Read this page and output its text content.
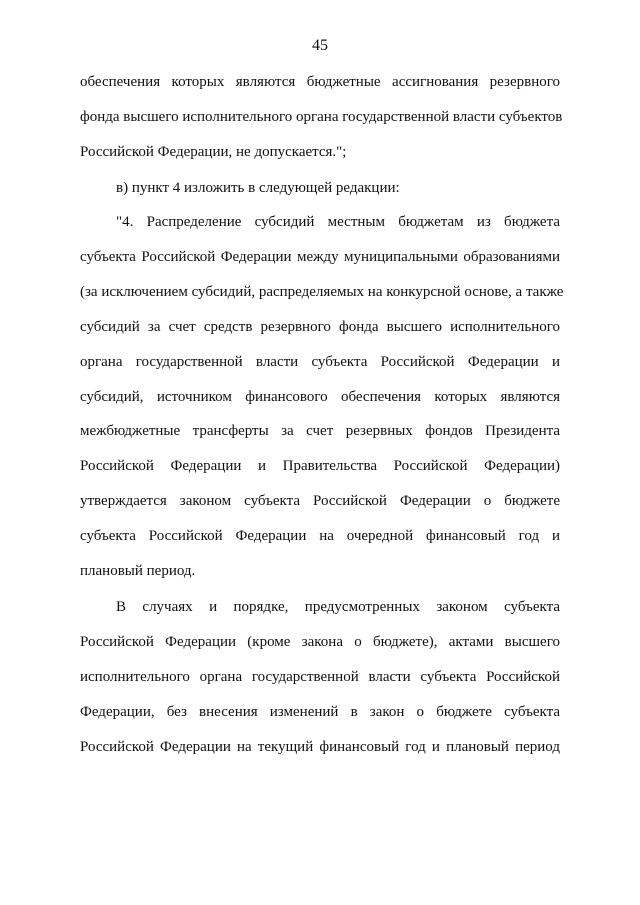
45
обеспечения которых являются бюджетные ассигнования резервного
фонда высшего исполнительного органа государственной власти субъектов
Российской Федерации, не допускается.";
в) пункт 4 изложить в следующей редакции:
"4. Распределение субсидий местным бюджетам из бюджета
субъекта Российской Федерации между муниципальными образованиями
(за исключением субсидий, распределяемых на конкурсной основе, а также
субсидий за счет средств резервного фонда высшего исполнительного
органа государственной власти субъекта Российской Федерации и
субсидий, источником финансового обеспечения которых являются
межбюджетные трансферты за счет резервных фондов Президента
Российской Федерации и Правительства Российской Федерации)
утверждается законом субъекта Российской Федерации о бюджете
субъекта Российской Федерации на очередной финансовый год и
плановый период.
В случаях и порядке, предусмотренных законом субъекта
Российской Федерации (кроме закона о бюджете), актами высшего
исполнительного органа государственной власти субъекта Российской
Федерации, без внесения изменений в закон о бюджете субъекта
Российской Федерации на текущий финансовый год и плановый период
